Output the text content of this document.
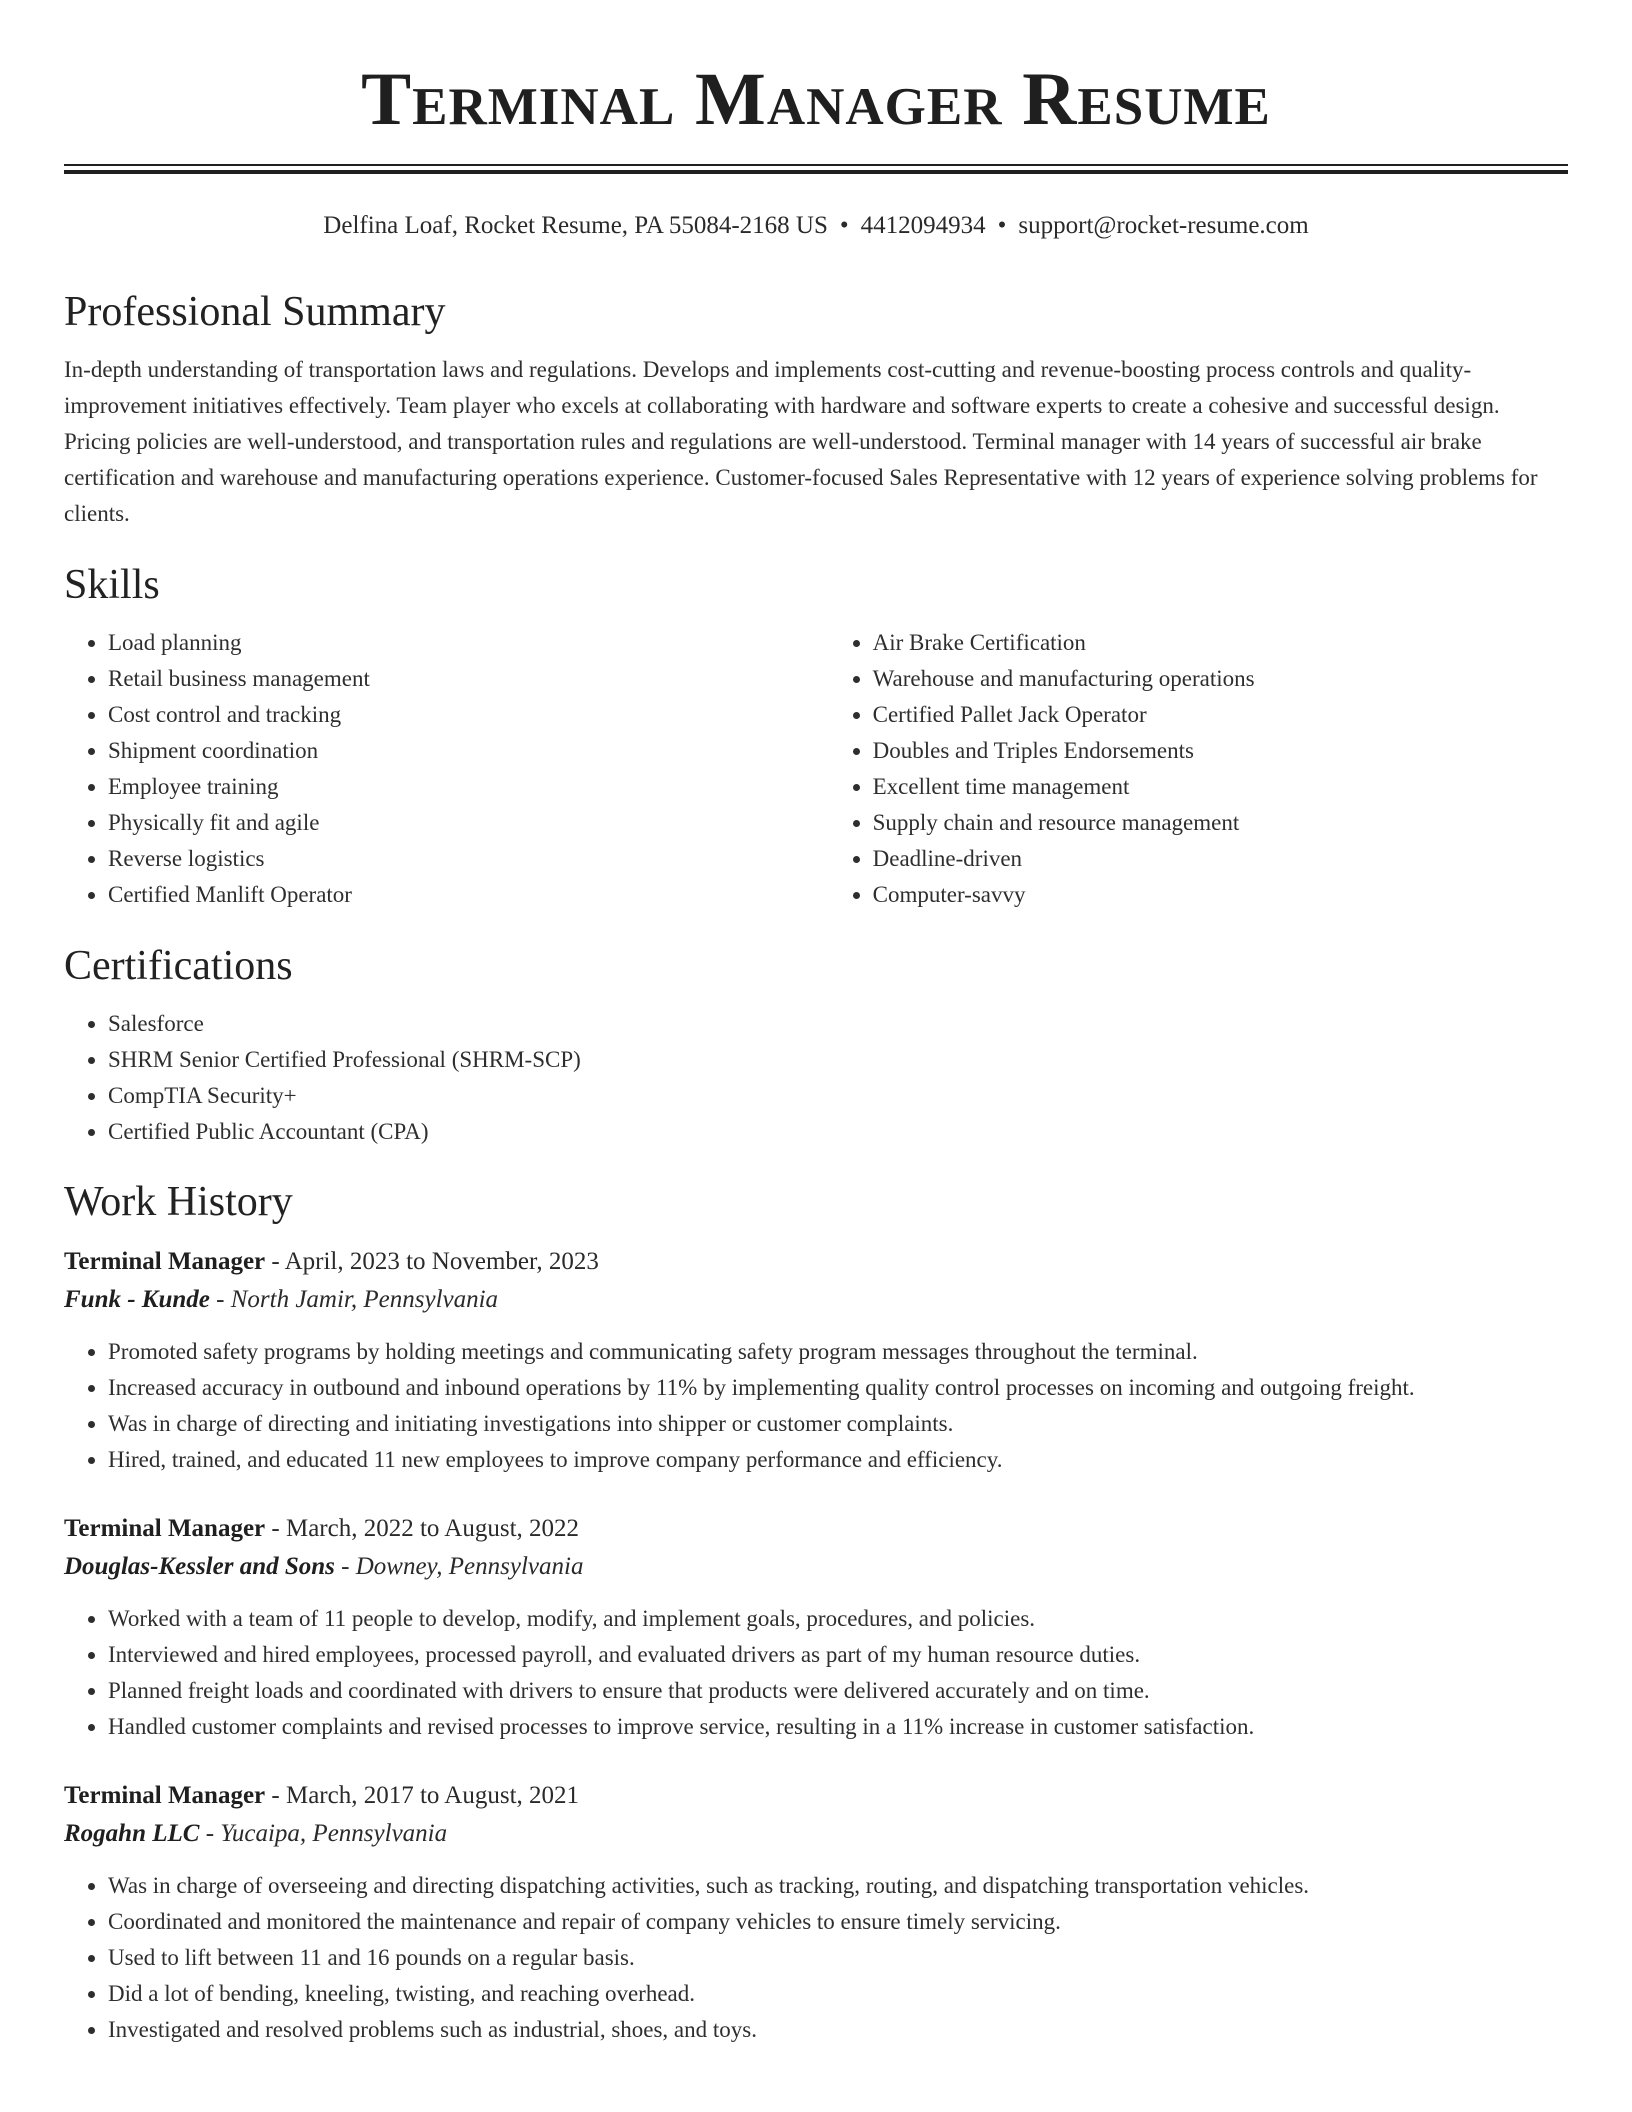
Terminal Manager Resume
Delfina Loaf, Rocket Resume, PA 55084-2168 US • 4412094934 • support@rocket-resume.com
Professional Summary

In-depth understanding of transportation laws and regulations. Develops and implements cost-cutting and revenue-boosting process controls and quality-improvement initiatives effectively. Team player who excels at collaborating with hardware and software experts to create a cohesive and successful design. Pricing policies are well-understood, and transportation rules and regulations are well-understood. Terminal manager with 14 years of successful air brake certification and warehouse and manufacturing operations experience. Customer-focused Sales Representative with 12 years of experience solving problems for clients.

Skills
• Load planning
• Retail business management
• Cost control and tracking
• Shipment coordination
• Employee training
• Physically fit and agile
• Reverse logistics
• Certified Manlift Operator
• Air Brake Certification
• Warehouse and manufacturing operations
• Certified Pallet Jack Operator
• Doubles and Triples Endorsements
• Excellent time management
• Supply chain and resource management
• Deadline-driven
• Computer-savvy
Certifications
• Salesforce
• SHRM Senior Certified Professional (SHRM-SCP)
• CompTIA Security+
• Certified Public Accountant (CPA)
Work History
Terminal Manager - April, 2023 to November, 2023
Funk - Kunde - North Jamir, Pennsylvania
• Promoted safety programs by holding meetings and communicating safety program messages throughout the terminal.
• Increased accuracy in outbound and inbound operations by 11% by implementing quality control processes on incoming and outgoing freight.
• Was in charge of directing and initiating investigations into shipper or customer complaints.
• Hired, trained, and educated 11 new employees to improve company performance and efficiency.
Terminal Manager - March, 2022 to August, 2022
Douglas-Kessler and Sons - Downey, Pennsylvania
• Worked with a team of 11 people to develop, modify, and implement goals, procedures, and policies.
• Interviewed and hired employees, processed payroll, and evaluated drivers as part of my human resource duties.
• Planned freight loads and coordinated with drivers to ensure that products were delivered accurately and on time.
• Handled customer complaints and revised processes to improve service, resulting in a 11% increase in customer satisfaction.
Terminal Manager - March, 2017 to August, 2021
Rogahn LLC - Yucaipa, Pennsylvania
• Was in charge of overseeing and directing dispatching activities, such as tracking, routing, and dispatching transportation vehicles.
• Coordinated and monitored the maintenance and repair of company vehicles to ensure timely servicing.
• Used to lift between 11 and 16 pounds on a regular basis.
• Did a lot of bending, kneeling, twisting, and reaching overhead.
• Investigated and resolved problems such as industrial, shoes, and toys.
